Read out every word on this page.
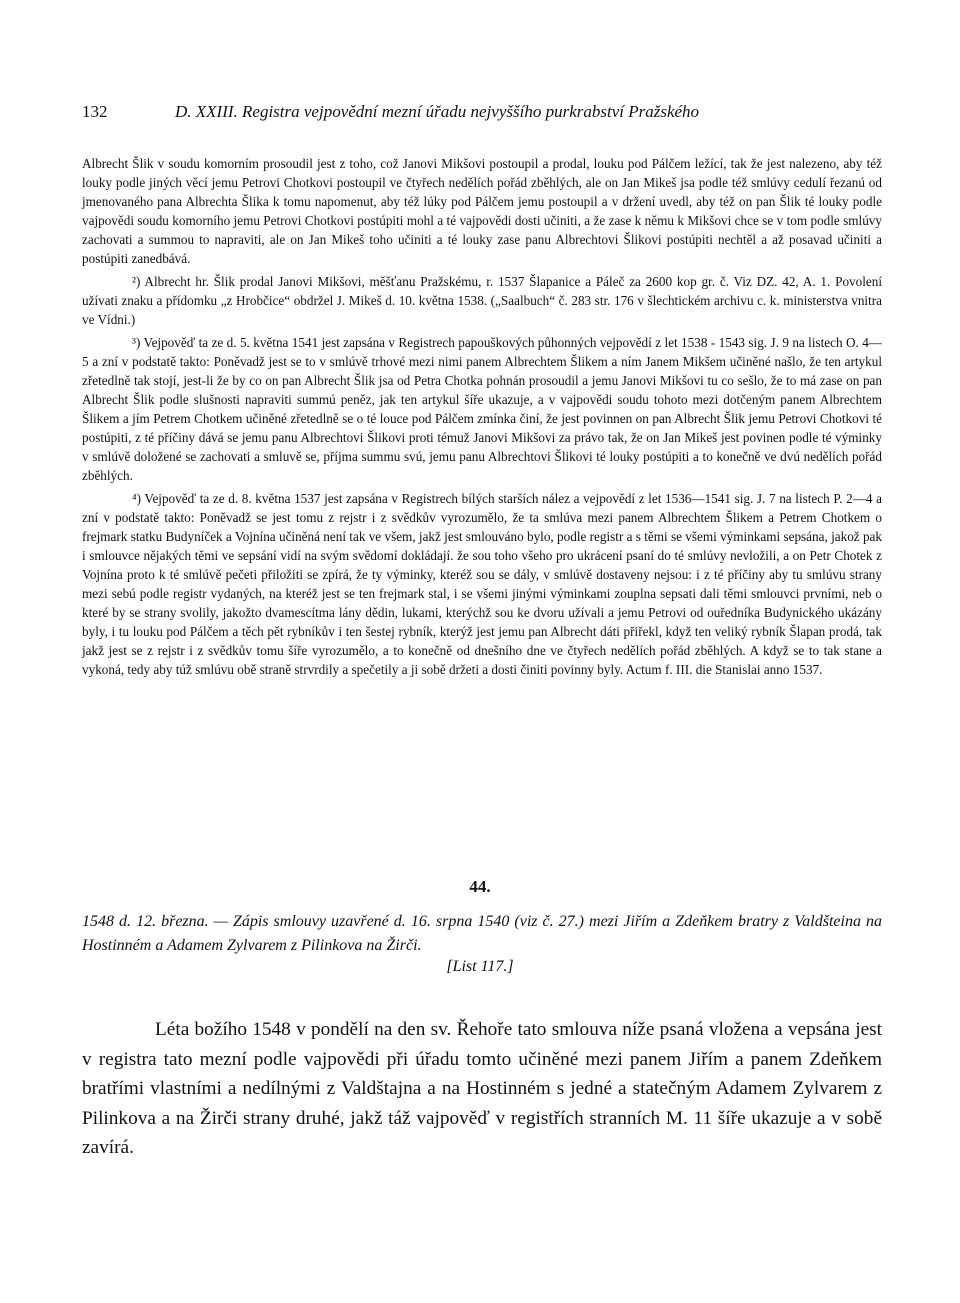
132	D. XXIII. Registra vejpovědní mezní úřadu nejvyššího purkrabství Pražského

Albrecht Šlik v soudu komorním prosoudil jest z toho, což Janovi Mikšovi postoupil a prodal, louku pod Pálčem ležící, tak že jest nalezeno, aby též louky podle jiných věcí jemu Petrovi Chotkovi postoupil ve čtyřech nedělích pořád zběhlých, ale on Jan Mikeš jsa podle též smlúvy cedulí řezanú od jmenovaného pana Albrechta Šlika k tomu napomenut, aby též lúky pod Pálčem jemu postoupil a v držení uvedl, aby též on pan Šlik té louky podle vajpovědi soudu komorního jemu Petrovi Chotkovi postúpiti mohl a té vajpovědi dosti učiniti, a že zase k němu k Mikšovi chce se v tom podle smlúvy zachovati a summou to napraviti, ale on Jan Mikeš toho učiniti a té louky zase panu Albrechtovi Šlikovi postúpiti nechtěl a až posavad učiniti a postúpiti zanedbává.

²) Albrecht hr. Šlik prodal Janovi Mikšovi, měšťanu Pražskému, r. 1537 Šlapanice a Páleč za 2600 kop gr. č. Viz DZ. 42, A. 1. Povolení užívati znaku a přídomku „z Hrobčice“ obdržel J. Mikeš d. 10. května 1538. („Saalbuch“ č. 283 str. 176 v šlechtickém archivu c. k. ministerstva vnitra ve Vídni.)

³) Vejpověď ta ze d. 5. května 1541 jest zapsána v Registrech papouškových půhonných vejpovědí z let 1538 - 1543 sig. J. 9 na listech O. 4—5 a zní v podstatě takto: Poněvadž jest se to v smlúvě trhové mezi nimi panem Albrechtem Šlikem a ním Janem Mikšem učiněné našlo, že ten artykul zřetedlně tak stojí, jest-li že by co on pan Albrecht Šlik jsa od Petra Chotka pohnán prosoudil a jemu Janovi Mikšovi tu co sešlo, že to má zase on pan Albrecht Šlik podle slušnosti napraviti summú peněz, jak ten artykul šíře ukazuje, a v vajpovědi soudu tohoto mezi dotčeným panem Albrechtem Šlikem a jím Petrem Chotkem učiněné zřetedlně se o té louce pod Pálčem zmínka činí, že jest povinnen on pan Albrecht Šlik jemu Petrovi Chotkovi té postúpiti, z té příčiny dává se jemu panu Albrechtovi Šlikovi proti témuž Janovi Mikšovi za právo tak, že on Jan Mikeš jest povinen podle té výminky v smlúvě doložené se zachovati a smluvě se, příjma summu svú, jemu panu Albrechtovi Šlikovi té louky postúpiti a to konečně ve dvú nedělích pořád zběhlých.

⁴) Vejpověď ta ze d. 8. května 1537 jest zapsána v Registrech bílých starších nález a vejpovědí z let 1536—1541 sig. J. 7 na listech P. 2—4 a zní v podstatě takto: Poněvadž se jest tomu z rejstr i z svědkův vyrozumělo, že ta smlúva mezi panem Albrechtem Šlikem a Petrem Chotkem o frejmark statku Budyníček a Vojnína učiněná není tak ve všem, jakž jest smlouváno bylo, podle registr a s těmi se všemi výminkami sepsána, jakož pak i smlouvce nějakých těmi ve sepsání vidí na svým svědomí dokládají. že sou toho všeho pro ukrácení psaní do té smlúvy nevložili, a on Petr Chotek z Vojnína proto k té smlúvě pečeti přiložiti se zpírá, že ty výminky, kteréž sou se dály, v smlúvě dostaveny nejsou: i z té příčiny aby tu smlúvu strany mezi sebú podle registr vydaných, na kteréž jest se ten frejmark stal, i se všemi jinými výminkami zouplna sepsati dali těmi smlouvci prvními, neb o které by se strany svolily, jakožto dvamescítma lány dědin, lukami, kterýchž sou ke dvoru užívali a jemu Petrovi od ouředníka Budynického ukázány byly, i tu louku pod Pálčem a těch pět rybníkův i ten šestej rybník, kterýž jest jemu pan Albrecht dáti přiřekl, když ten veliký rybník Šlapan prodá, tak jakž jest se z rejstr i z svědkův tomu šíře vyrozumělo, a to konečně od dnešního dne ve čtyřech nedělích pořád zběhlých. A když se to tak stane a vykoná, tedy aby túž smlúvu obě straně strvrdily a spečetily a ji sobě držeti a dosti činiti povinny byly. Actum f. III. die Stanislai anno 1537.

44.
1548 d. 12. března. — Zápis smlouvy uzavřené d. 16. srpna 1540 (viz č. 27.) mezi Jiřím a Zdeňkem bratry z Valdšteina na Hostinném a Adamem Zylvarem z Pilinkova na Žirči.
[List 117.]

Léta božího 1548 v pondělí na den sv. Řehoře tato smlouva níže psaná vložena a vepsána jest v registra tato mezní podle vajpovědi při úřadu tomto učiněné mezi panem Jiřím a panem Zdeňkem bratřími vlastními a nedílnými z Valdštajna a na Hostinném s jedné a statečným Adamem Zylvarem z Pilinkova a na Žirči strany druhé, jakž táž vajpověď v registřích stranních M. 11 šíře ukazuje a v sobě zavírá.
